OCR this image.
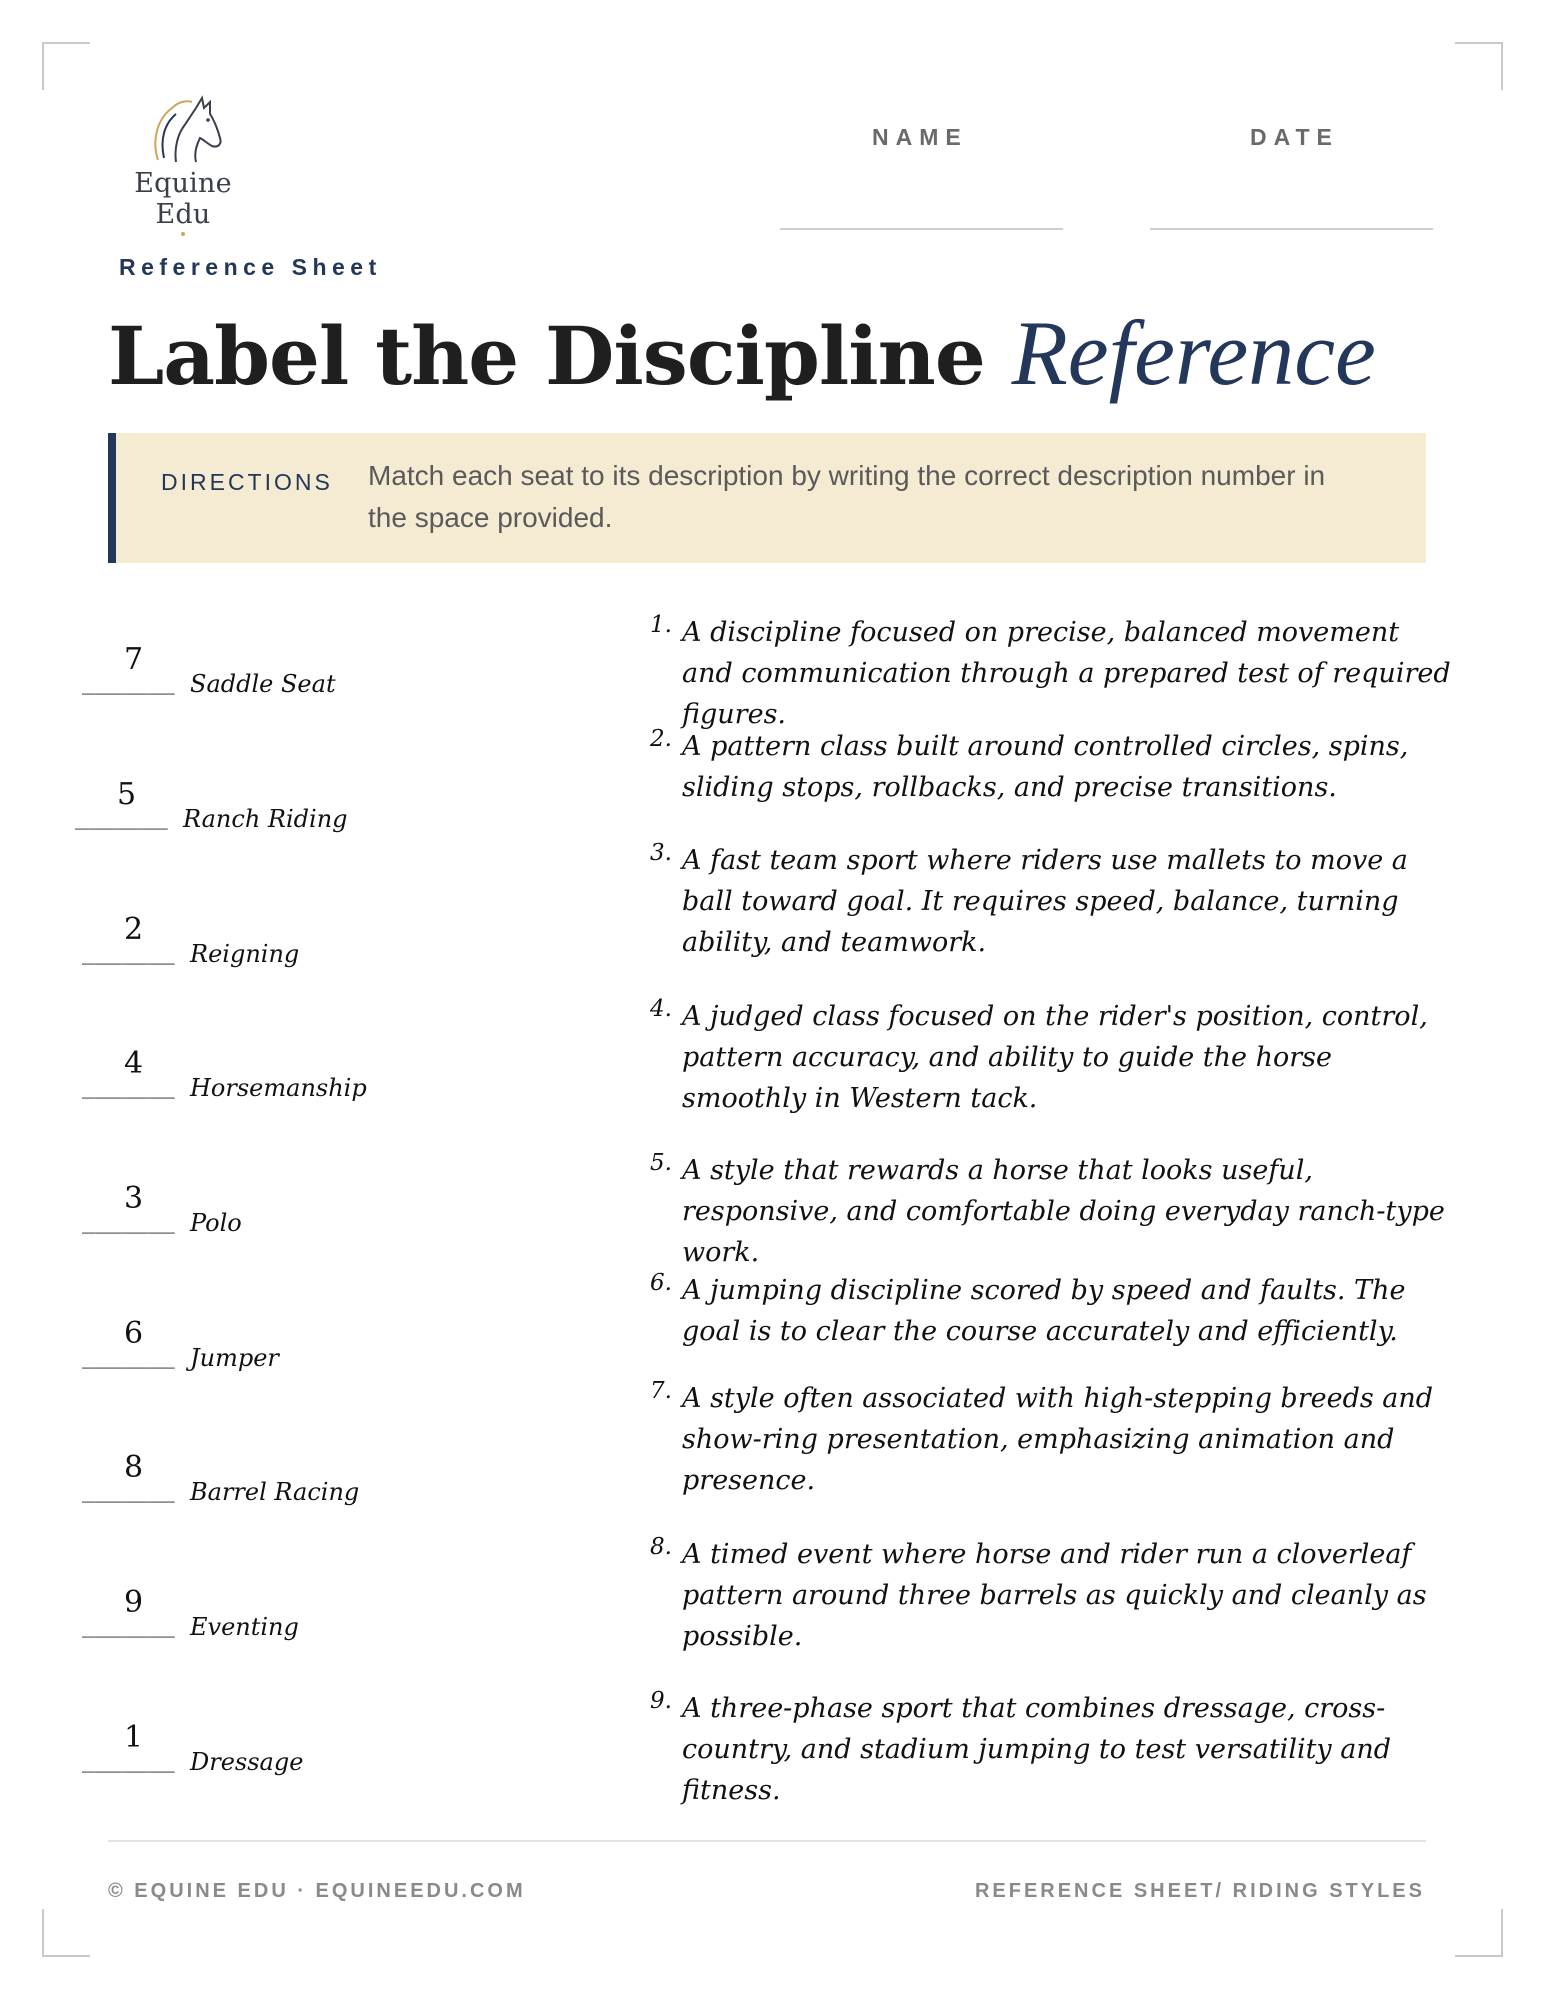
Equine Edu
NAME	DATE
Reference Sheet
Label the Discipline Reference
DIRECTIONS Match each seat to its description by writing the correct description number in the space provided.
_______
7
Saddle Seat
_______
5
Ranch Riding
_______
2
Reigning
_______
4
Horsemanship
_______
3
Polo
_______
6
Jumper
_______
8
Barrel Racing
_______
9
Eventing
_______
1
Dressage
1. A discipline focused on precise, balanced movement and communication through a prepared test of required figures.
2. A pattern class built around controlled circles, spins, sliding stops, rollbacks, and precise transitions.
3. A fast team sport where riders use mallets to move a ball toward goal. It requires speed, balance, turning ability, and teamwork.
4. A judged class focused on the rider's position, control, pattern accuracy, and ability to guide the horse smoothly in Western tack.
5. A style that rewards a horse that looks useful, responsive, and comfortable doing everyday ranch-type work.
6. A jumping discipline scored by speed and faults. The goal is to clear the course accurately and efficiently.
7. A style often associated with high-stepping breeds and show-ring presentation, emphasizing animation and presence.
8. A timed event where horse and rider run a cloverleaf pattern around three barrels as quickly and cleanly as possible.
9. A three-phase sport that combines dressage, cross-country, and stadium jumping to test versatility and fitness.
© EQUINE EDU · EQUINEEDU.COM	REFERENCE SHEET/ RIDING STYLES
